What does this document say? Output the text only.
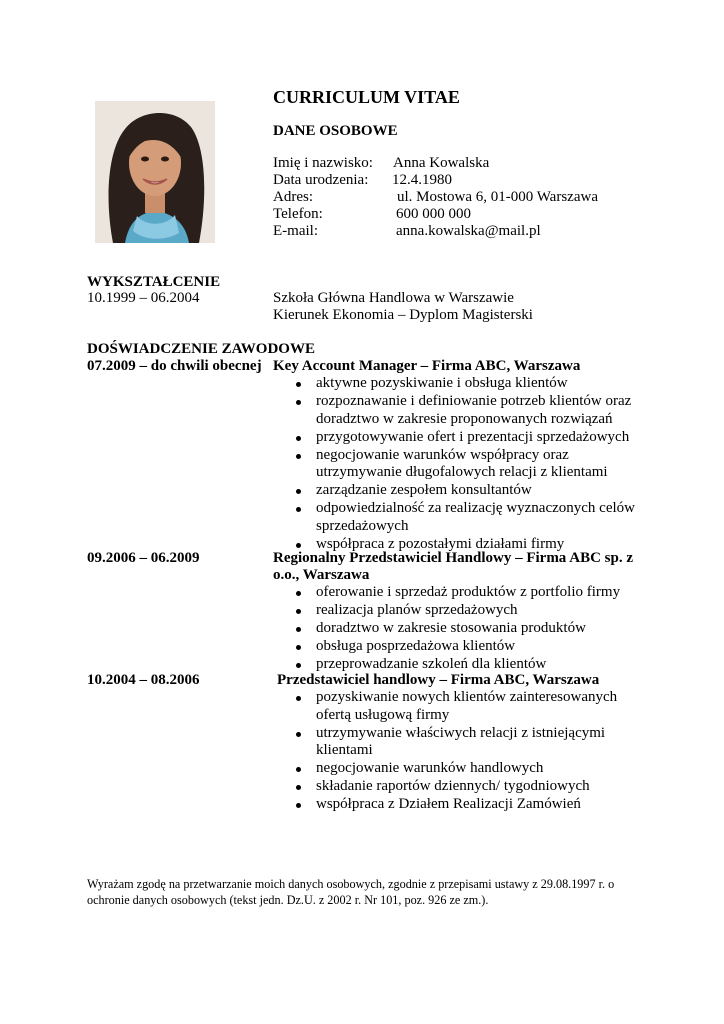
CURRICULUM VITAE
DANE OSOBOWE
Imię i nazwisko: Anna Kowalska
Data urodzenia: 12.4.1980
Adres:	ul. Mostowa 6, 01-000 Warszawa
Telefon:	600 000 000
E-mail:	anna.kowalska@mail.pl
WYKSZTAŁCENIE
10.1999 – 06.2004	Szkoła Główna Handlowa w Warszawie
Kierunek Ekonomia – Dyplom Magisterski
DOŚWIADCZENIE ZAWODOWE
07.2009 – do chwili obecnej Key Account Manager – Firma ABC, Warszawa
aktywne pozyskiwanie i obsługa klientów
rozpoznawanie i definiowanie potrzeb klientów oraz doradztwo w zakresie proponowanych rozwiązań
przygotowywanie ofert i prezentacji sprzedażowych
negocjowanie warunków współpracy oraz utrzymywanie długofalowych relacji z klientami
zarządzanie zespołem konsultantów
odpowiedzialność za realizację wyznaczonych celów sprzedażowych
współpraca z pozostałymi działami firmy
09.2006 – 06.2009	Regionalny Przedstawiciel Handlowy – Firma ABC sp. z
o.o., Warszawa
oferowanie i sprzedaż produktów z portfolio firmy
realizacja planów sprzedażowych
doradztwo w zakresie stosowania produktów
obsługa posprzedażowa klientów
przeprowadzanie szkoleń dla klientów
10.2004 – 08.2006	Przedstawiciel handlowy – Firma ABC, Warszawa
pozyskiwanie nowych klientów zainteresowanych ofertą usługową firmy
utrzymywanie właściwych relacji z istniejącymi klientami
negocjowanie warunków handlowych
składanie raportów dziennych/ tygodniowych
współpraca z Działem Realizacji Zamówień
Wyrażam zgodę na przetwarzanie moich danych osobowych, zgodnie z przepisami ustawy z 29.08.1997 r. o ochronie danych osobowych (tekst jedn. Dz.U. z 2002 r. Nr 101, poz. 926 ze zm.).
